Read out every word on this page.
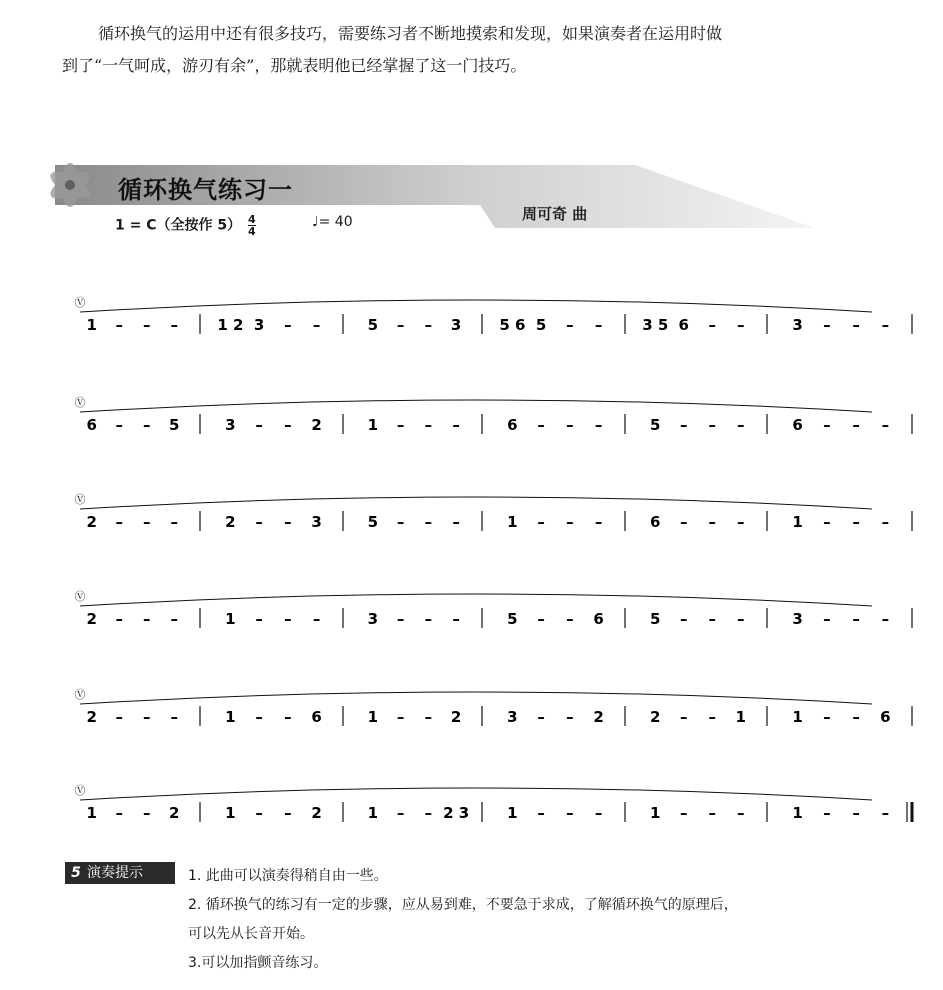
循环换气的运用中还有很多技巧，需要练习者不断地摸索和发现，如果演奏者在运用时做

到了“一气呵成，游刃有余”，那就表明他已经掌握了这一门技巧。
循环换气练习一
1 = C（全按作 $5) \frac{4}{4}$	♩= 40	周可奇 曲
1 – – –	1 2 3 – –	5 – – 3	5 6 5 – –	3 5 6 – –	3 – – –
Ⓥ
6 – – 5	3 – – 2	1 – – –	6 – – –	5 – – –	6 – – –
Ⓥ
2 – – –	2 – – 3	5 – – –	1 – – –	6 – – –	1 – – –
Ⓥ
2 – – –	1 – – –	3 – – –	5 – – 6	5 – – –	3 – – –
Ⓥ
2 – – –	1 – – 6	1 – – 2	3 – – 2	2 – – 1	1 – – 6
Ⓥ
1 – – 2	1 – – 2	1 – – 2 3	1 – – –	1 – – –	1 – – –
Ⓥ
5 演奏提示	1. 此曲可以演奏得稍自由一些。
2. 循环换气的练习有一定的步骤，应从易到难，不要急于求成，了解循环换气的原理后，
可以先从长音开始。
3.可以加指颤音练习。
